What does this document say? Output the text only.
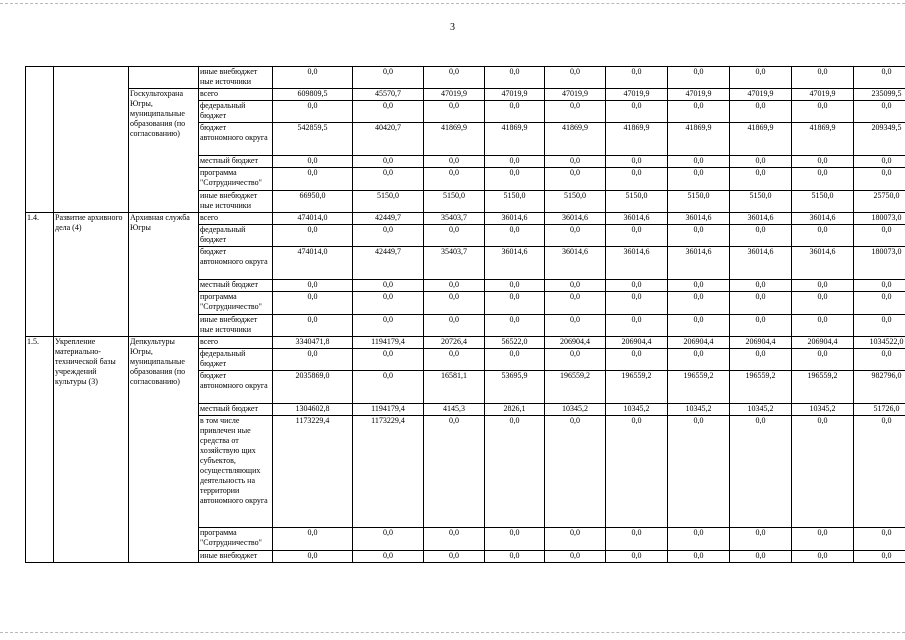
3
			иные внебюджет ные источники	0,0	0,0	0,0	0,0	0,0	0,0	0,0	0,0	0,0	0,0
		Госкультохрана Югры, муниципальные образования (по согласованию)	всего	609809,5	45570,7	47019,9	47019,9	47019,9	47019,9	47019,9	47019,9	47019,9	235099,5
			федеральный бюджет	0,0	0,0	0,0	0,0	0,0	0,0	0,0	0,0	0,0	0,0
			бюджет автономного округа	542859,5	40420,7	41869,9	41869,9	41869,9	41869,9	41869,9	41869,9	41869,9	209349,5
			местный бюджет	0,0	0,0	0,0	0,0	0,0	0,0	0,0	0,0	0,0	0,0
			программа "Сотрудничество"	0,0	0,0	0,0	0,0	0,0	0,0	0,0	0,0	0,0	0,0
			иные внебюджет ные источники	66950,0	5150,0	5150,0	5150,0	5150,0	5150,0	5150,0	5150,0	5150,0	25750,0
1.4.	Развитие архивного дела (4)	Архивная служба Югры	всего	474014,0	42449,7	35403,7	36014,6	36014,6	36014,6	36014,6	36014,6	36014,6	180073,0
			федеральный бюджет	0,0	0,0	0,0	0,0	0,0	0,0	0,0	0,0	0,0	0,0
			бюджет автономного округа	474014,0	42449,7	35403,7	36014,6	36014,6	36014,6	36014,6	36014,6	36014,6	180073,0
			местный бюджет	0,0	0,0	0,0	0,0	0,0	0,0	0,0	0,0	0,0	0,0
			программа "Сотрудничество"	0,0	0,0	0,0	0,0	0,0	0,0	0,0	0,0	0,0	0,0
			иные внебюджет ные источники	0,0	0,0	0,0	0,0	0,0	0,0	0,0	0,0	0,0	0,0
1.5.	Укрепление материально-технической базы учреждений культуры (3)	Депкультуры Югры, муниципальные образования (по согласованию)	всего	3340471,8	1194179,4	20726,4	56522,0	206904,4	206904,4	206904,4	206904,4	206904,4	1034522,0
			федеральный бюджет	0,0	0,0	0,0	0,0	0,0	0,0	0,0	0,0	0,0	0,0
			бюджет автономного округа	2035869,0	0,0	16581,1	53695,9	196559,2	196559,2	196559,2	196559,2	196559,2	982796,0
			местный бюджет	1304602,8	1194179,4	4145,3	2826,1	10345,2	10345,2	10345,2	10345,2	10345,2	51726,0
			в том числе привлечен ные средства от хозяйствую щих субъектов, осуществляющих деятельность на территории автономного округа	1173229,4	1173229,4	0,0	0,0	0,0	0,0	0,0	0,0	0,0	0,0
			программа "Сотрудничество"	0,0	0,0	0,0	0,0	0,0	0,0	0,0	0,0	0,0	0,0
			иные внебюджет	0,0	0,0	0,0	0,0	0,0	0,0	0,0	0,0	0,0	0,0
